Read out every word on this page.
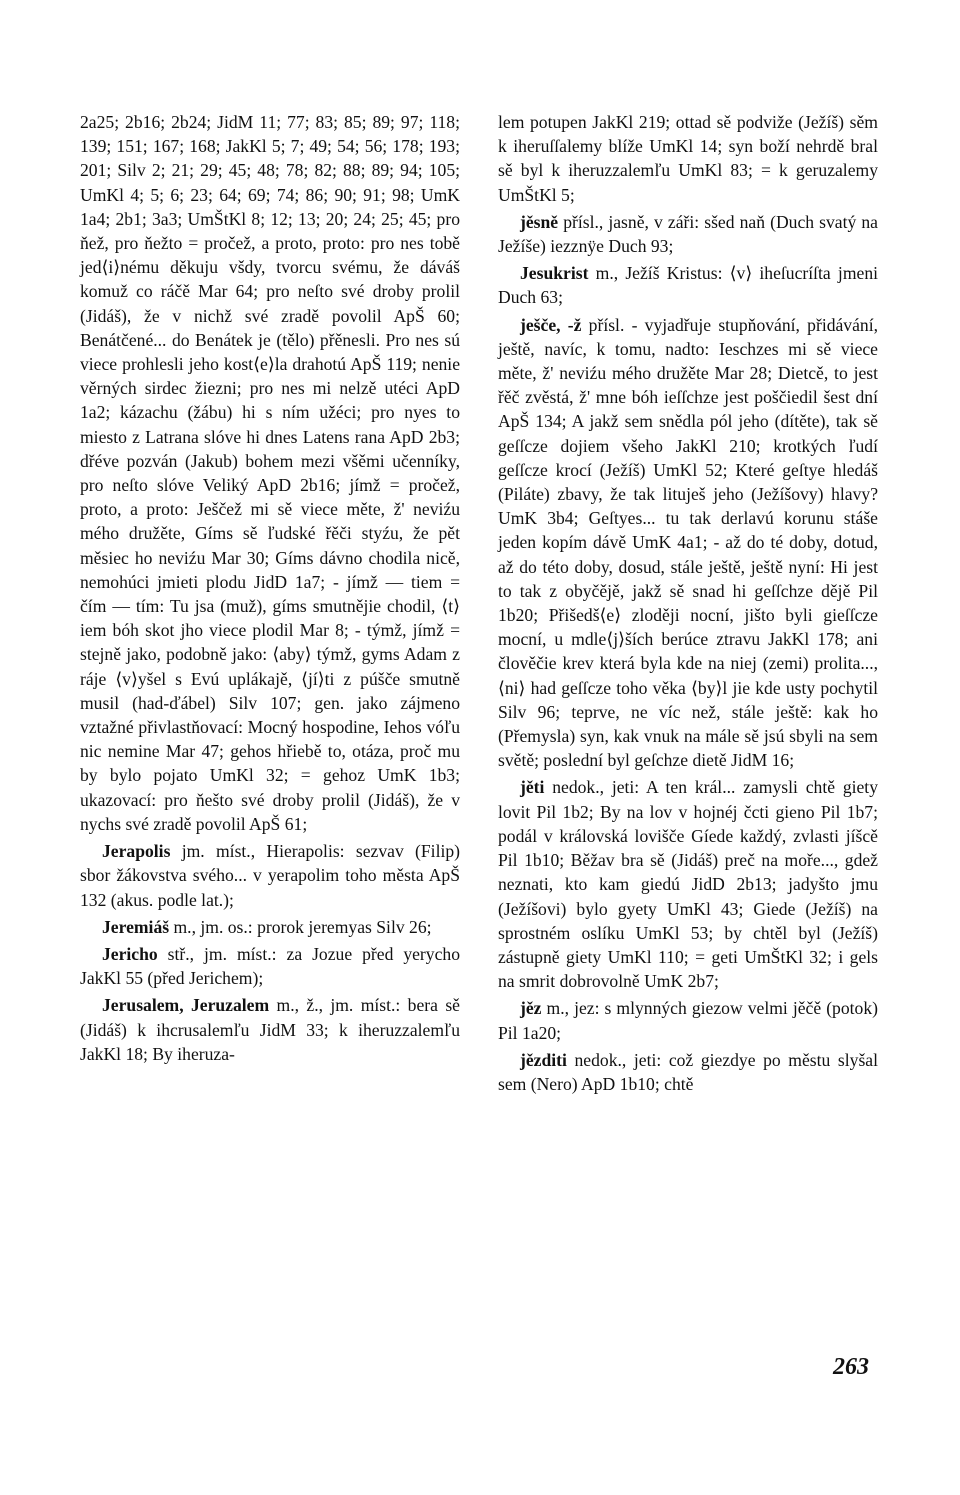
2a25; 2b16; 2b24; JidM 11; 77; 83; 85; 89; 97; 118; 139; 151; 167; 168; JakKl 5; 7; 49; 54; 56; 178; 193; 201; Silv 2; 21; 29; 45; 48; 78; 82; 88; 89; 94; 105; UmKl 4; 5; 6; 23; 64; 69; 74; 86; 90; 91; 98; UmK 1a4; 2b1; 3a3; UmŠtKl 8; 12; 13; 20; 24; 25; 45; pro ňež, pro ňežto = pročež, a proto, proto: pro nes tobě jed⟨i⟩nému děkuju všdy, tvorcu svému, že dáváš komuž co ráčě Mar 64; pro neſto své droby prolil (Jidáš), že v nichž své zradě povolil ApŠ 60; Benátčené... do Benátek je (tělo) přěnesli. Pro nes sú viece prohlesli jeho kost⟨e⟩la drahotú ApŠ 119; nenie věrných sirdec žiezni; pro nes mi nelzě utéci ApD 1a2; kázachu (žábu) hi s ním užéci; pro nyes to miesto z Latrana slóve hi dnes Latens rana ApD 2b3; dřéve pozván (Jakub) bohem mezi všěmi učenníky, pro neſto slóve Veliký ApD 2b16; jímž = pročež, proto, a proto: Ješčež mi sě viece měte, ž' neviźu mého družěte, Gíms sě ľudské řěči styźu, že pět měsiec ho neviźu Mar 30; Gíms dávno chodila nicě, nemohúci jmieti plodu JidD 1a7; - jímž — tiem = čím — tím: Tu jsa (muž), gíms smutnějie chodil, ⟨t⟩iem bóh skot jho viece plodil Mar 8; - týmž, jímž = stejně jako, podobně jako: ⟨aby⟩ týmž, gyms Adam z ráje ⟨v⟩yšel s Evú uplákajě, ⟨jí⟩ti z púšče smutně musil (had-ďábel) Silv 107; gen. jako zájmeno vztažné přivlastňovací: Mocný hospodine, Iehos vóľu nic nemine Mar 47; gehos hřiebě to, otáza, proč mu by bylo pojato UmKl 32; = gehoz UmK 1b3; ukazovací: pro ňešto své droby prolil (Jidáš), že v nychs své zradě povolil ApŠ 61;

Jerapolis jm. míst., Hierapolis: sezvav (Filip) sbor žákovstva svého... v yerapolim toho města ApŠ 132 (akus. podle lat.);

Jeremiáš m., jm. os.: prorok jeremyas Silv 26;

Jericho stř., jm. míst.: za Jozue před yerycho JakKl 55 (před Jerichem);

Jerusalem, Jeruzalem m., ž., jm. míst.: bera sě (Jidáš) k ihcrusalemľu JidM 33; k iheruzzalemľu JakKl 18; By iheruza-

lem potupen JakKl 219; ottad sě podviže (Ježíš) sěm k iheruſſalemy blíže UmKl 14; syn boží nehrdě bral sě byl k iheruzzalemľu UmKl 83; = k geruzalemy UmŠtKl 5;

jěsně přísl., jasně, v záři: sšed naň (Duch svatý na Ježíše) iezznÿe Duch 93;

Jesukrist m., Ježíš Kristus: ⟨v⟩ iheſucríſta jmeni Duch 63;

ješče, -ž přísl. - vyjadřuje stupňování, přidávání, ještě, navíc, k tomu, nadto: Ieschzes mi sě viece měte, ž' neviźu mého družěte Mar 28; Dietcě, to jest řěč zvěstá, ž' mne bóh ieſſchze jest poščiedil šest dní ApŠ 134; A jakž sem snědla pól jeho (dítěte), tak sě geſſcze dojiem všeho JakKl 210; krotkých ľudí geſſcze krocí (Ježíš) UmKl 52; Které geſtye hledáš (Piláte) zbavy, že tak lituješ jeho (Ježíšovy) hlavy? UmK 3b4; Geſtyes... tu tak derlavú korunu stáše jeden kopím dávě UmK 4a1; - až do té doby, dotud, až do této doby, dosud, stále ještě, ještě nyní: Hi jest to tak z obyčějě, jakž sě snad hi geſſchze dějě Pil 1b20; Přišedš⟨e⟩ zloději nocní, jišto byli gieſſcze mocní, u mdle⟨j⟩ších berúce ztravu JakKl 178; ani člověčie krev která byla kde na niej (zemi) prolita..., ⟨ni⟩ had geſſcze toho věka ⟨by⟩l jie kde usty pochytil Silv 96; teprve, ne víc než, stále ještě: kak ho (Přemysla) syn, kak vnuk na mále sě jsú sbyli na sem světě; poslední byl geſchze dietě JidM 16;

jěti nedok., jeti: A ten král... zamysli chtě giety lovit Pil 1b2; By na lov v hojnéj čcti gieno Pil 1b7; podál v královská lovišče Gíede každý, zvlasti jíšcě Pil 1b10; Běžav bra sě (Jidáš) preč na moře..., gdež neznati, kto kam giedú JidD 2b13; jadyšto jmu (Ježíšovi) bylo gyety UmKl 43; Giede (Ježíš) na sprostném oslíku UmKl 53; by chtěl byl (Ježíš) zástupně giety UmKl 110; = geti UmŠtKl 32; i gels na smrit dobrovolně UmK 2b7;

jěz m., jez: s mlynných giezow velmi jěčě (potok) Pil 1a20;

jězditi nedok., jeti: což giezdye po městu slyšal sem (Nero) ApD 1b10; chtě

263
